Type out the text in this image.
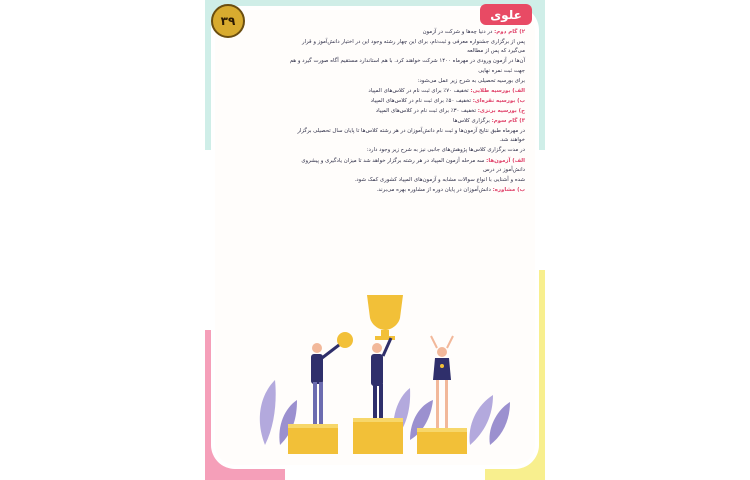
۳۹	علوی

۲) گام دوم: در دنیا چه‌ها و شرکت در آزمون

پس از برگزاری جشنواره معرفی و ثبت‌نام، برای این چهار رشته وجود این در اختیار دانش‌آموز و قرار می‌گیرد که پس از مطالعه

آن‌ها در آزمون ورودی در مهرماه ۱۴۰۰ شرکت خواهند کرد. با هم استاندارد مستقیم آگاه صورت گیرد و هم جهت ثبت نمره نهایی

برای بورسیه تحصیلی به شرح زیر عمل می‌شود:

الف) بورسیه طلایی: تخفیف ۷۰٪ برای ثبت نام در کلاس‌های المپیاد

ب) بورسیه نقره‌ای: تخفیف ۵۰٪ برای ثبت نام در کلاس‌های المپیاد

ج) بورسیه برنزی: تخفیف ۳۰٪ برای ثبت نام در کلاس‌های المپیاد

۳) گام سوم: برگزاری کلاس‌ها

در مهرماه طبق نتایج آزمون‌ها و ثبت نام دانش‌آموزان در هر رشته کلاس‌ها تا پایان سال تحصیلی برگزار خواهند شد.

در مدت برگزاری کلاس‌ها پژوهش‌های جانبی نیز به شرح زیر وجود دارد:

الف) آزمون‌ها: سه مرحله آزمون المپیاد در هر رشته برگزار خواهد شد تا میزان یادگیری و پیشروی دانش‌آموز در درس

شده و آشنایی با انواع سوالات مشابه و آزمون‌های المپیاد کشوری کمک شود.

ب) مشاوره: دانش‌آموزان در پایان دوره از مشاوره بهره می‌برند.
